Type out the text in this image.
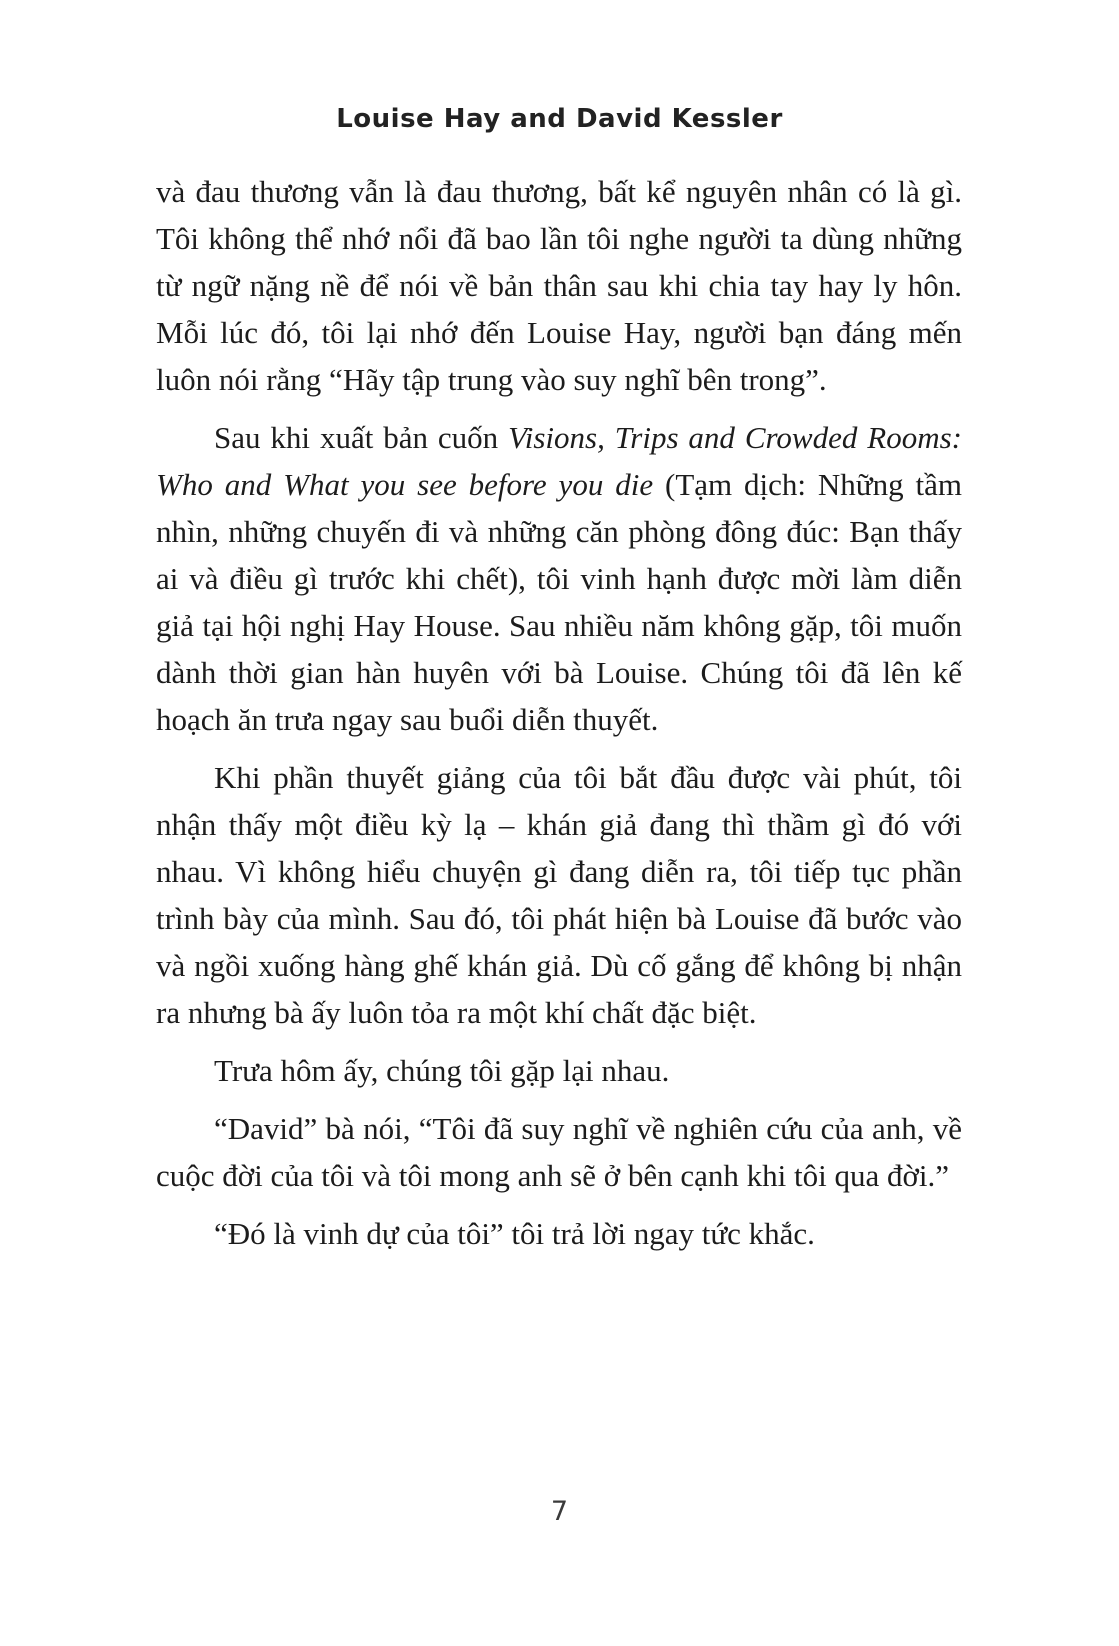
Louise Hay and David Kessler

và đau thương vẫn là đau thương, bất kể nguyên nhân có là gì. Tôi không thể nhớ nổi đã bao lần tôi nghe người ta dùng những từ ngữ nặng nề để nói về bản thân sau khi chia tay hay ly hôn. Mỗi lúc đó, tôi lại nhớ đến Louise Hay, người bạn đáng mến luôn nói rằng “Hãy tập trung vào suy nghĩ bên trong”.

Sau khi xuất bản cuốn Visions, Trips and Crowded Rooms: Who and What you see before you die (Tạm dịch: Những tầm nhìn, những chuyến đi và những căn phòng đông đúc: Bạn thấy ai và điều gì trước khi chết), tôi vinh hạnh được mời làm diễn giả tại hội nghị Hay House. Sau nhiều năm không gặp, tôi muốn dành thời gian hàn huyên với bà Louise. Chúng tôi đã lên kế hoạch ăn trưa ngay sau buổi diễn thuyết.

Khi phần thuyết giảng của tôi bắt đầu được vài phút, tôi nhận thấy một điều kỳ lạ – khán giả đang thì thầm gì đó với nhau. Vì không hiểu chuyện gì đang diễn ra, tôi tiếp tục phần trình bày của mình. Sau đó, tôi phát hiện bà Louise đã bước vào và ngồi xuống hàng ghế khán giả. Dù cố gắng để không bị nhận ra nhưng bà ấy luôn tỏa ra một khí chất đặc biệt.

Trưa hôm ấy, chúng tôi gặp lại nhau.

“David” bà nói, “Tôi đã suy nghĩ về nghiên cứu của anh, về cuộc đời của tôi và tôi mong anh sẽ ở bên cạnh khi tôi qua đời.”

“Đó là vinh dự của tôi” tôi trả lời ngay tức khắc.

7
